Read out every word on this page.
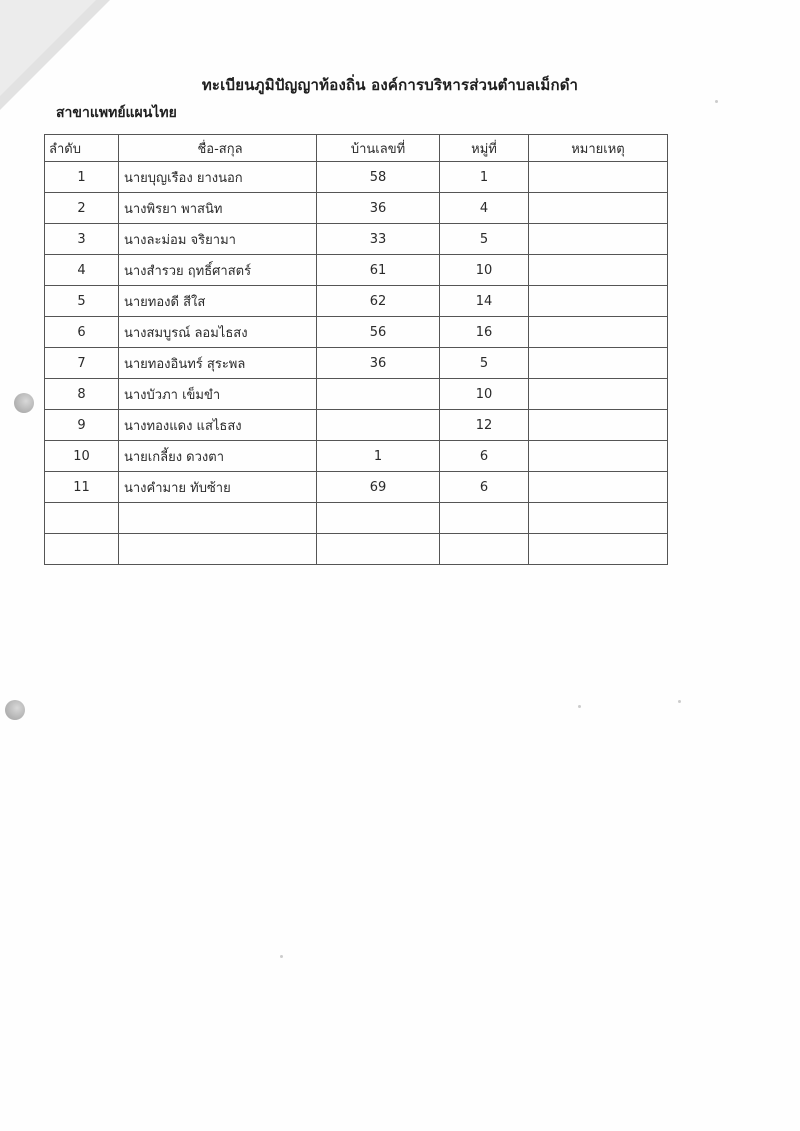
ทะเบียนภูมิปัญญาท้องถิ่น องค์การบริหารส่วนตำบลเม็กดำ
สาขาแพทย์แผนไทย
ลำดับ	ชื่อ-สกุล	บ้านเลขที่	หมู่ที่	หมายเหตุ
1	นายบุญเรือง ยางนอก	58	1	
2	นางพิรยา พาสนิท	36	4	
3	นางละม่อม จริยามา	33	5	
4	นางสำรวย ฤทธิ์ศาสตร์	61	10	
5	นายทองดี สีใส	62	14	
6	นางสมบูรณ์ ลอมไธสง	56	16	
7	นายทองอินทร์ สุระพล	36	5	
8	นางบัวภา เข็มขำ		10	
9	นางทองแดง แสไธสง		12	
10	นายเกลี้ยง ดวงตา	1	6	
11	นางคำมาย ทับซ้าย	69	6	
